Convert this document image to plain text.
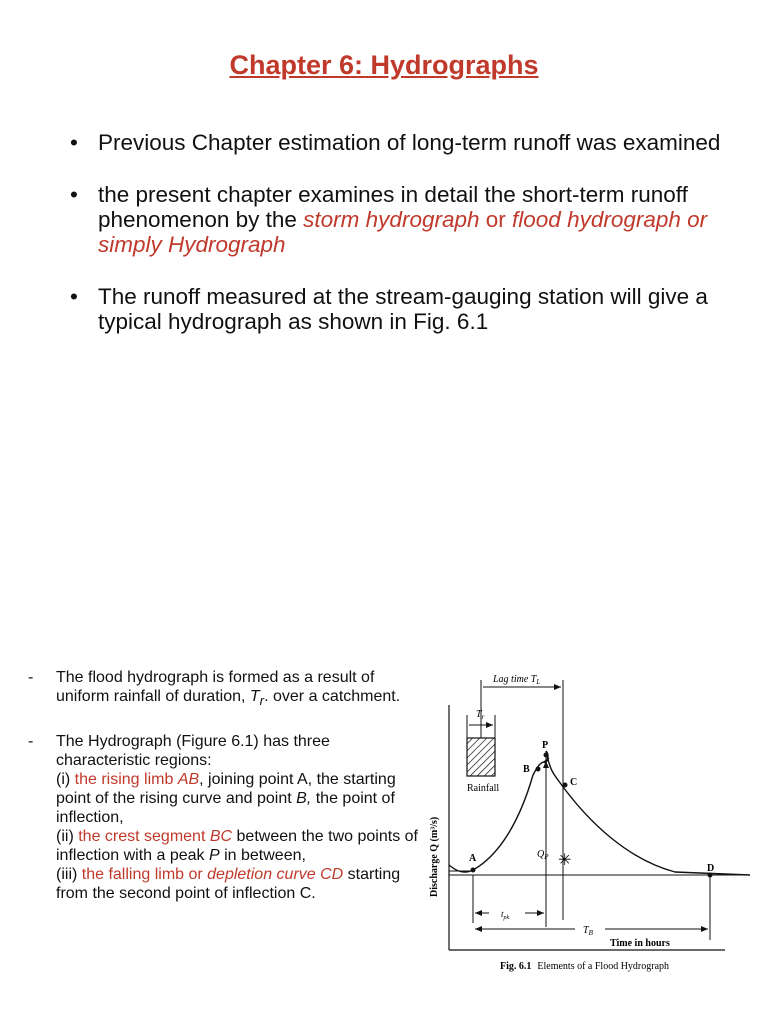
Chapter 6: Hydrographs
• Previous Chapter estimation of long-term runoff was examined
• the present chapter examines in detail the short-term runoff phenomenon by the storm hydrograph or flood hydrograph or simply Hydrograph
• The runoff measured at the stream-gauging station will give a typical hydrograph as shown in Fig. 6.1
- The flood hydrograph is formed as a result of uniform rainfall of duration, $T_r$. over a catchment.
- The Hydrograph (Figure 6.1) has three characteristic regions:
(i) the rising limb AB, joining point A, the starting point of the rising curve and point B, the point of inflection,
(ii) the crest segment BC between the two points of inflection with a peak P in between,
(iii) the falling limb or depletion curve CD starting from the second point of inflection C.
Rainfall
$T_r$
Lag time $T_L$
A
B
P
C
D
$Q_P$ ✳
$t_{pk}$
$T_B$
Discharge Q (m³/s)
Time in hours
Fig. 6.1 Elements of a Flood Hydrograph
